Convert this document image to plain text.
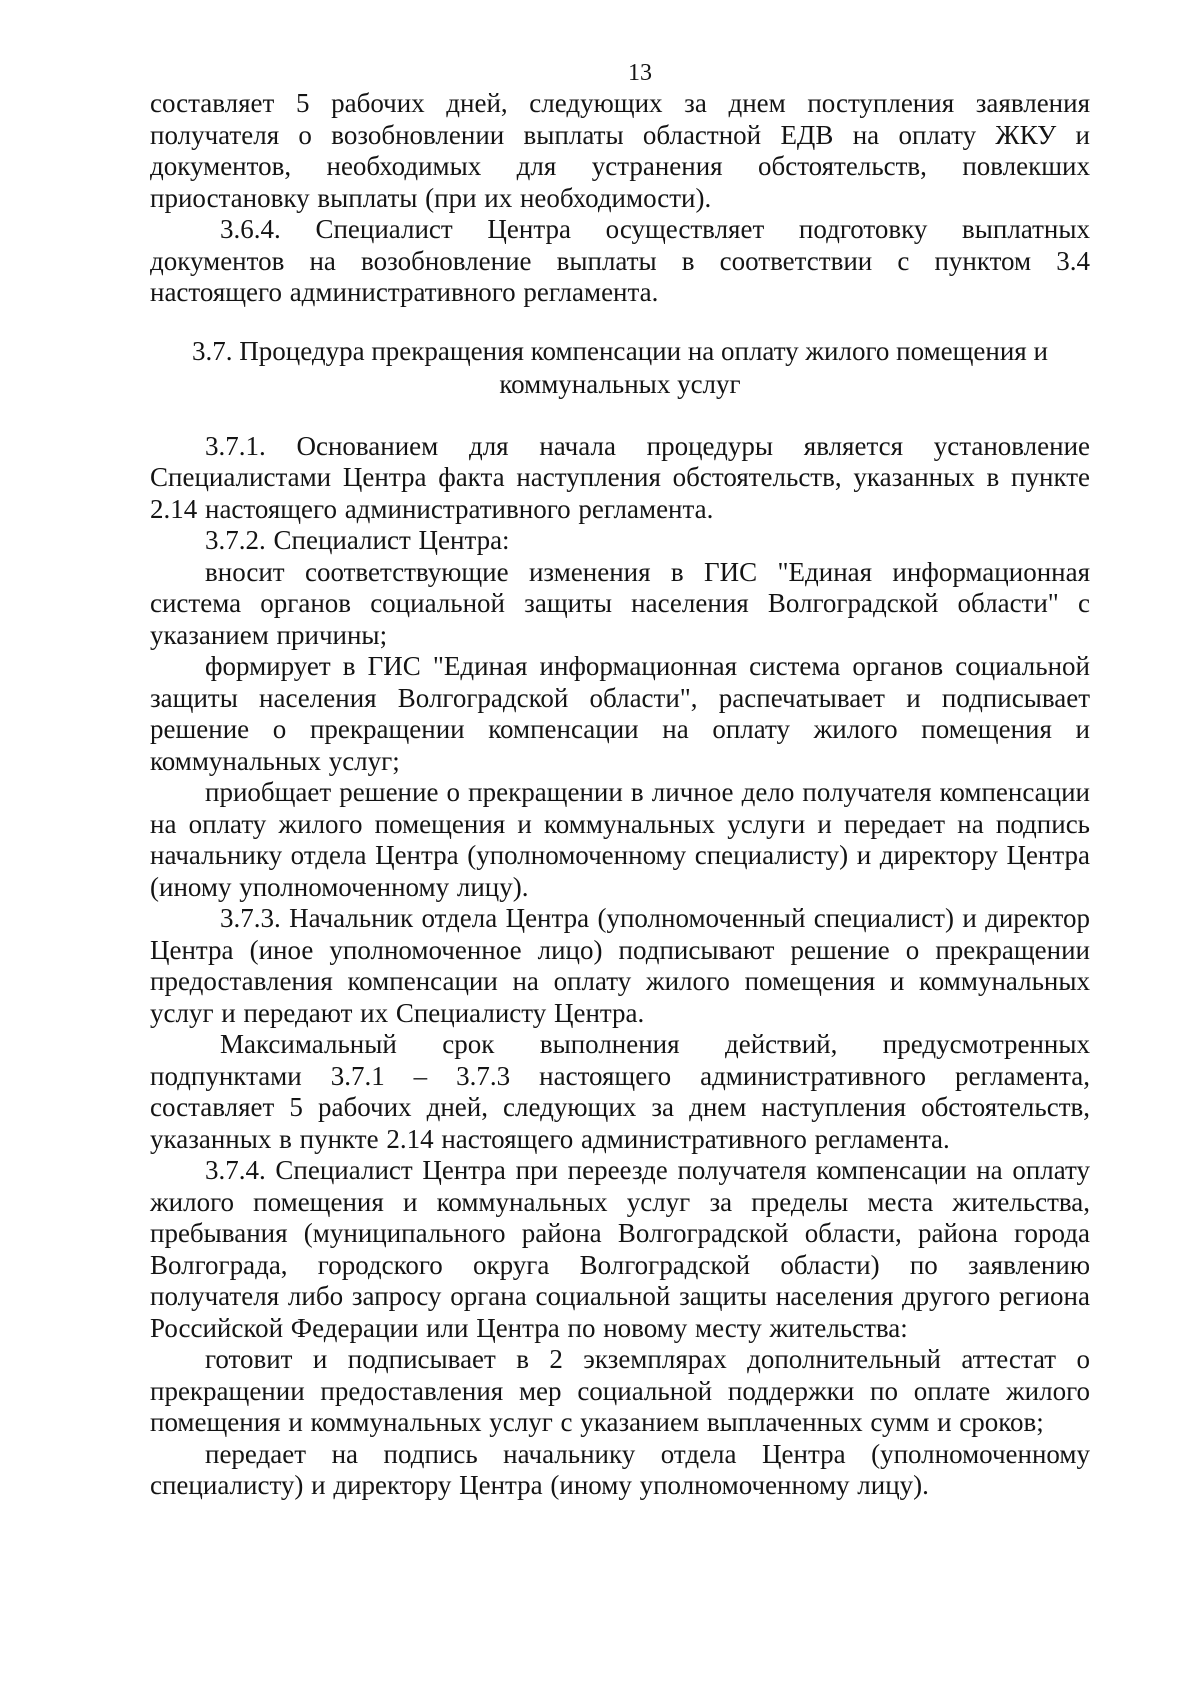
13

составляет 5 рабочих дней, следующих за днем поступления заявления получателя о возобновлении выплаты областной ЕДВ на оплату ЖКУ и документов, необходимых для устранения обстоятельств, повлекших приостановку выплаты (при их необходимости).

3.6.4. Специалист Центра осуществляет подготовку выплатных документов на возобновление выплаты в соответствии с пунктом 3.4 настоящего административного регламента.

3.7. Процедура прекращения компенсации на оплату жилого помещения и коммунальных услуг

3.7.1. Основанием для начала процедуры является установление Специалистами Центра факта наступления обстоятельств, указанных в пункте 2.14 настоящего административного регламента.

3.7.2. Специалист Центра:

вносит соответствующие изменения в ГИС "Единая информационная система органов социальной защиты населения Волгоградской области" с указанием причины;

формирует в ГИС "Единая информационная система органов социальной защиты населения Волгоградской области", распечатывает и подписывает решение о прекращении компенсации на оплату жилого помещения и коммунальных услуг;

приобщает решение о прекращении в личное дело получателя компенсации на оплату жилого помещения и коммунальных услуги и передает на подпись начальнику отдела Центра (уполномоченному специалисту) и директору Центра (иному уполномоченному лицу).

3.7.3. Начальник отдела Центра (уполномоченный специалист) и директор Центра (иное уполномоченное лицо) подписывают решение о прекращении предоставления компенсации на оплату жилого помещения и коммунальных услуг и передают их Специалисту Центра.

Максимальный срок выполнения действий, предусмотренных подпунктами 3.7.1 – 3.7.3 настоящего административного регламента, составляет 5 рабочих дней, следующих за днем наступления обстоятельств, указанных в пункте 2.14 настоящего административного регламента.

3.7.4. Специалист Центра при переезде получателя компенсации на оплату жилого помещения и коммунальных услуг за пределы места жительства, пребывания (муниципального района Волгоградской области, района города Волгограда, городского округа Волгоградской области) по заявлению получателя либо запросу органа социальной защиты населения другого региона Российской Федерации или Центра по новому месту жительства:

готовит и подписывает в 2 экземплярах дополнительный аттестат о прекращении предоставления мер социальной поддержки по оплате жилого помещения и коммунальных услуг с указанием выплаченных сумм и сроков;

передает на подпись начальнику отдела Центра (уполномоченному специалисту) и директору Центра (иному уполномоченному лицу).
